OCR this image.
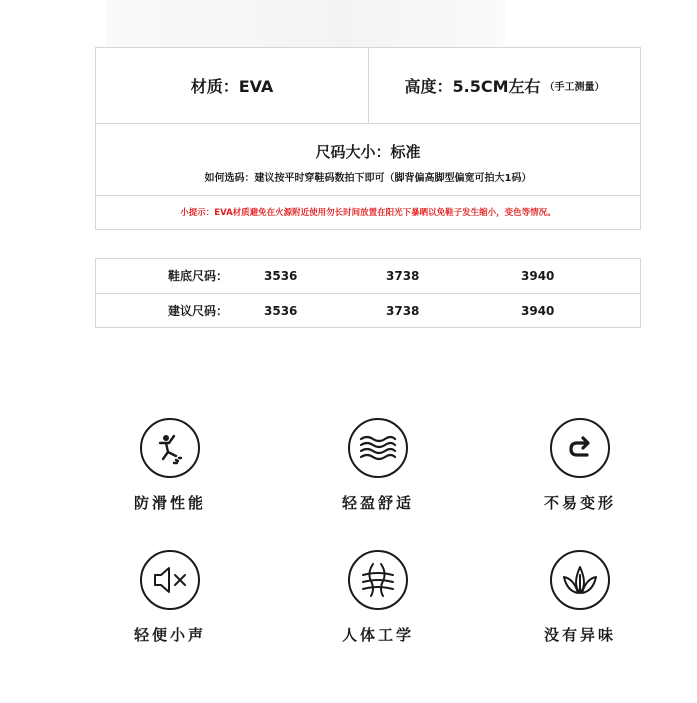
材质：EVA	高度：5.5CM左右 （手工测量）
尺码大小：标准
如何选码：建议按平时穿鞋码数拍下即可（脚背偏高脚型偏宽可拍大1码）
小提示：EVA材质避免在火源附近使用勿长时间放置在阳光下暴晒以免鞋子发生缩小，变色等情况。
鞋底尺码：	3536	3738	3940
建议尺码：	3536	3738	3940
防滑性能	轻盈舒适	不易变形
轻便小声	人体工学	没有异味
